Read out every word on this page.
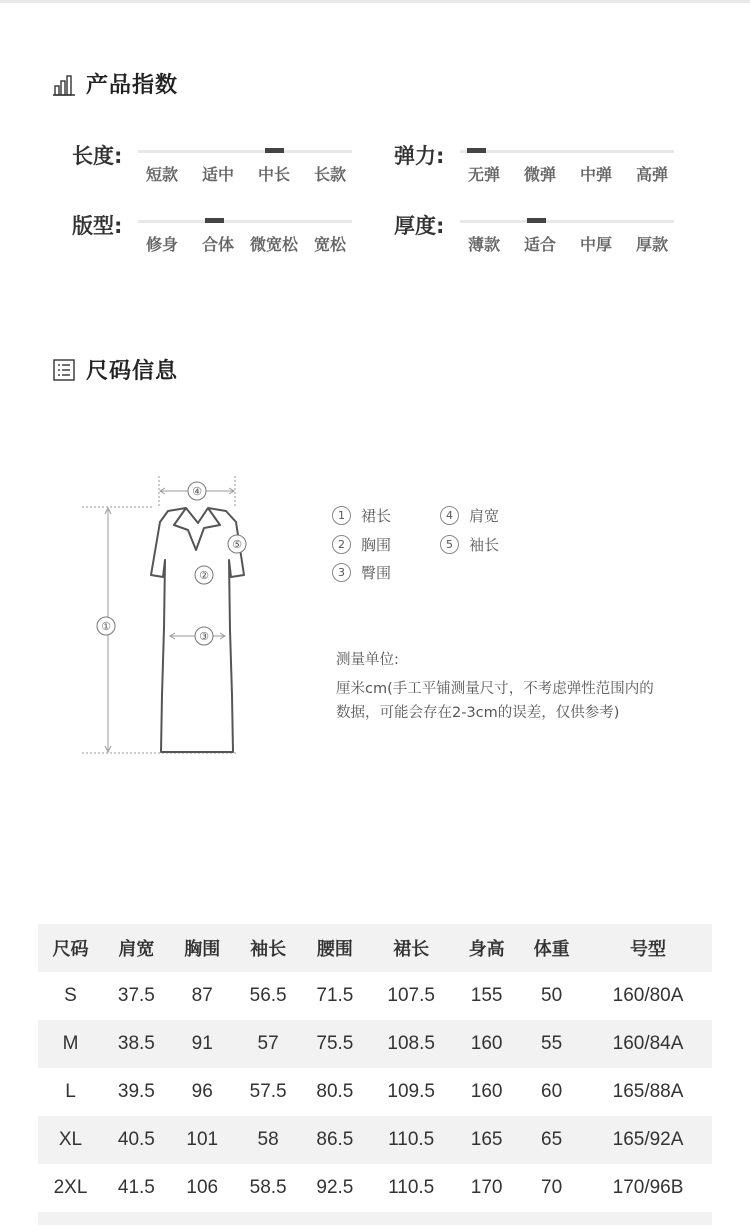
产品指数
长度:
短款	适中	中长	长款
弹力:
无弹	微弹	中弹	高弹
版型:
修身	合体 微宽松 宽松
厚度:
薄款	适合	中厚	厚款
尺码信息
①
②
③
④
⑤
1	裙长
2	胸围
3	臀围
4	肩宽
5	袖长
测量单位:
厘米cm(手工平铺测量尺寸，不考虑弹性范围内的
数据，可能会存在2-3cm的误差，仅供参考)
尺码	肩宽	胸围	袖长	腰围	裙长	身高	体重	号型
S	37.5	87	56.5	71.5	107.5	155	50	160/80A
M	38.5	91	57	75.5	108.5	160	55	160/84A
L	39.5	96	57.5	80.5	109.5	160	60	165/88A
XL	40.5	101	58	86.5	110.5	165	65	165/92A
2XL	41.5	106	58.5	92.5	110.5	170	70	170/96B
